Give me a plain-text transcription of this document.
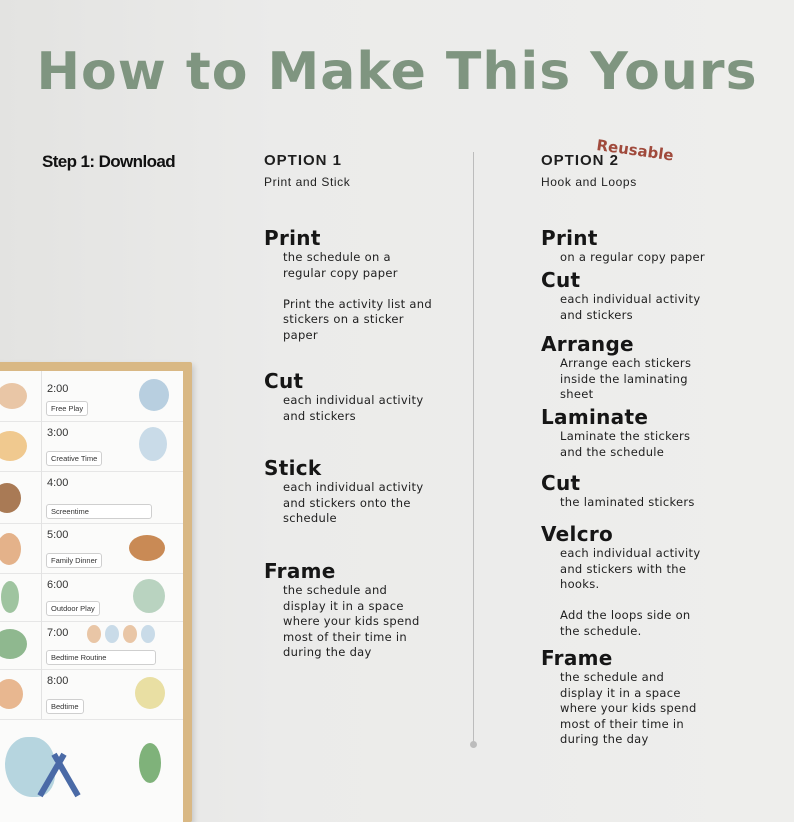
How to Make This Yours
Step 1: Download	OPTION 1
Print and Stick
OPTION 2
Hook and Loops
Reusable
Print
the schedule on a
regular copy paper

Print the activity list and
stickers on a sticker
paper
Cut
each individual activity
and stickers
Stick
each individual activity
and stickers onto the
schedule
Frame
the schedule and
display it in a space
where your kids spend
most of their time in
during the day
Print
on a regular copy paper
Cut
each individual activity
and stickers
Arrange
Arrange each stickers
inside the laminating
sheet
Laminate
Laminate the stickers
and the schedule
Cut
the laminated stickers
Velcro
each individual activity
and stickers with the
hooks.

Add the loops side on
the schedule.
Frame
the schedule and
display it in a space
where your kids spend
most of their time in
during the day
2:00
Free Play
3:00
Creative Time
4:00
Screentime
5:00
Family Dinner
6:00
Outdoor Play
7:00
Bedtime Routine
8:00
Bedtime
